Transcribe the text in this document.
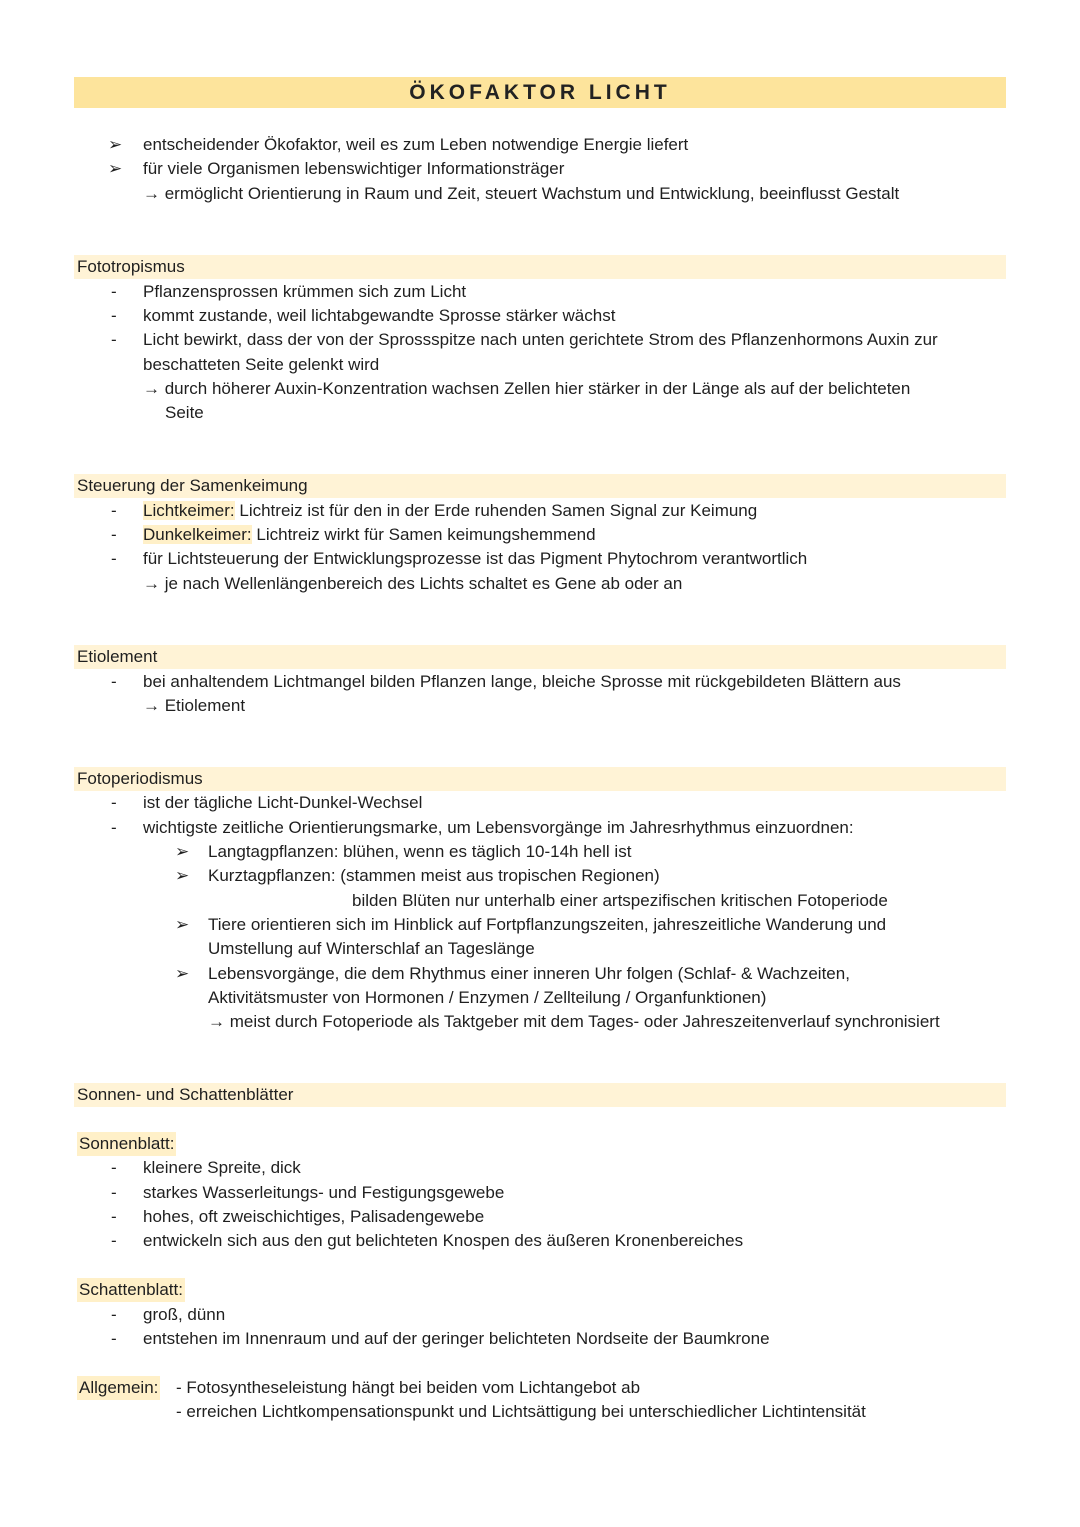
ÖKOFAKTOR LICHT
➢ entscheidender Ökofaktor, weil es zum Leben notwendige Energie liefert
➢ für viele Organismen lebenswichtiger Informationsträger
→ ermöglicht Orientierung in Raum und Zeit, steuert Wachstum und Entwicklung, beeinflusst Gestalt
Fototropismus
- Pflanzensprossen krümmen sich zum Licht
- kommt zustande, weil lichtabgewandte Sprosse stärker wächst
- Licht bewirkt, dass der von der Sprossspitze nach unten gerichtete Strom des Pflanzenhormons Auxin zur
beschatteten Seite gelenkt wird
→ durch höherer Auxin-Konzentration wachsen Zellen hier stärker in der Länge als auf der belichteten
Seite
Steuerung der Samenkeimung
- Lichtkeimer: Lichtreiz ist für den in der Erde ruhenden Samen Signal zur Keimung
- Dunkelkeimer: Lichtreiz wirkt für Samen keimungshemmend
- für Lichtsteuerung der Entwicklungsprozesse ist das Pigment Phytochrom verantwortlich
→ je nach Wellenlängenbereich des Lichts schaltet es Gene ab oder an
Etiolement
- bei anhaltendem Lichtmangel bilden Pflanzen lange, bleiche Sprosse mit rückgebildeten Blättern aus
→ Etiolement
Fotoperiodismus
- ist der tägliche Licht-Dunkel-Wechsel
- wichtigste zeitliche Orientierungsmarke, um Lebensvorgänge im Jahresrhythmus einzuordnen:
➢ Langtagpflanzen: blühen, wenn es täglich 10-14h hell ist
➢ Kurztagpflanzen: (stammen meist aus tropischen Regionen)
bilden Blüten nur unterhalb einer artspezifischen kritischen Fotoperiode
➢ Tiere orientieren sich im Hinblick auf Fortpflanzungszeiten, jahreszeitliche Wanderung und
Umstellung auf Winterschlaf an Tageslänge
➢ Lebensvorgänge, die dem Rhythmus einer inneren Uhr folgen (Schlaf- & Wachzeiten,
Aktivitätsmuster von Hormonen / Enzymen / Zellteilung / Organfunktionen)
→ meist durch Fotoperiode als Taktgeber mit dem Tages- oder Jahreszeitenverlauf synchronisiert
Sonnen- und Schattenblätter
Sonnenblatt:
- kleinere Spreite, dick
- starkes Wasserleitungs- und Festigungsgewebe
- hohes, oft zweischichtiges, Palisadengewebe
- entwickeln sich aus den gut belichteten Knospen des äußeren Kronenbereiches
Schattenblatt:
- groß, dünn
- entstehen im Innenraum und auf der geringer belichteten Nordseite der Baumkrone
Allgemein: - Fotosyntheseleistung hängt bei beiden vom Lichtangebot ab
- erreichen Lichtkompensationspunkt und Lichtsättigung bei unterschiedlicher Lichtintensität
